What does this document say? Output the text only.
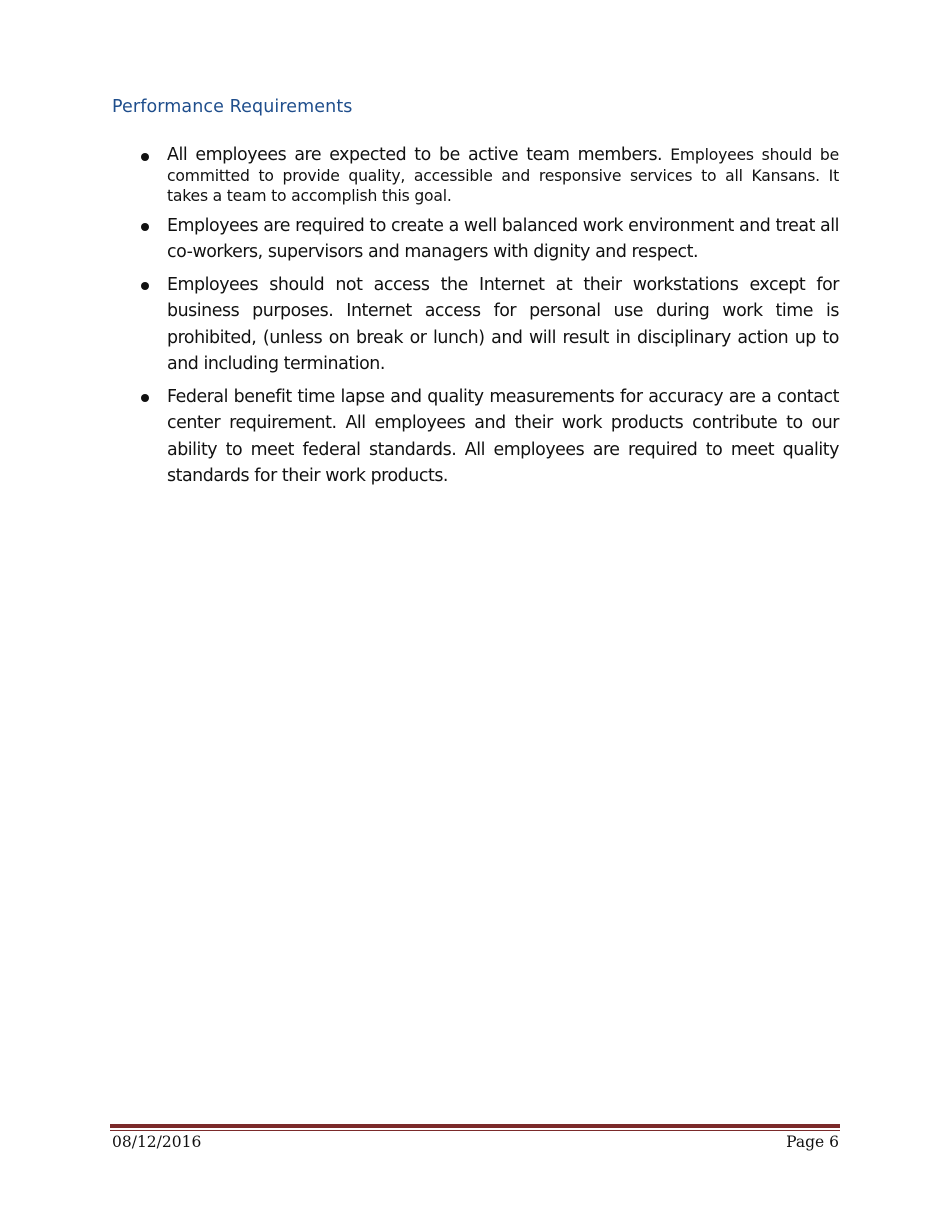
Performance Requirements
All employees are expected to be active team members. Employees should be committed to provide quality, accessible and responsive services to all Kansans. It takes a team to accomplish this goal.
Employees are required to create a well balanced work environment and treat all co-workers, supervisors and managers with dignity and respect.
Employees should not access the Internet at their workstations except for business purposes. Internet access for personal use during work time is prohibited, (unless on break or lunch) and will result in disciplinary action up to and including termination.
Federal benefit time lapse and quality measurements for accuracy are a contact center requirement. All employees and their work products contribute to our ability to meet federal standards. All employees are required to meet quality standards for their work products.
08/12/2016	Page 6
